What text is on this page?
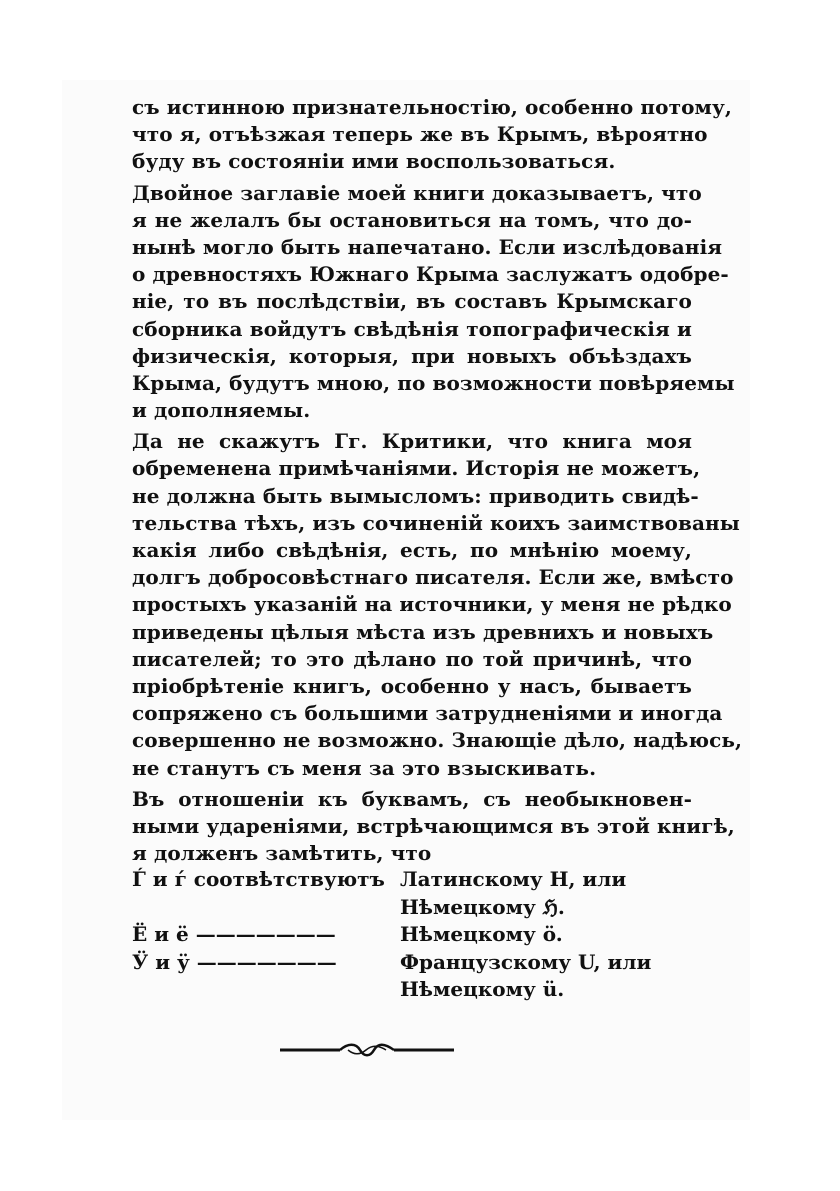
съ истинною признательностiю, особенно потому,
что я, отъѣзжая теперь же въ Крымъ, вѣроятно
буду въ состоянiи ими воспользоваться.
Двойное заглавiе моей книги доказываетъ, что
я не желалъ бы остановиться на томъ, что до-
нынѣ могло быть напечатано. Если изслѣдованiя
о древностяхъ Южнаго Крыма заслужатъ одобре-
нiе, то въ послѣдствiи, въ составъ Крымскаго
сборника войдутъ свѣдѣнiя топографическiя и
физическiя, которыя, при новыхъ объѣздахъ
Крыма, будутъ мною, по возможности повѣряемы
и дополняемы.
Да не скажутъ Гг. Критики, что книга моя
обременена примѣчанiями. Исторiя не можетъ,
не должна быть вымысломъ: приводить свидѣ-
тельства тѣхъ, изъ сочиненiй коихъ заимствованы
какiя либо свѣдѣнiя, есть, по мнѣнiю моему,
долгъ добросовѣстнаго писателя. Если же, вмѣсто
простыхъ указанiй на источники, у меня не рѣдко
приведены цѣлыя мѣста изъ древнихъ и новыхъ
писателей; то это дѣлано по той причинѣ, что
прiобрѣтенiе книгъ, особенно у насъ, бываетъ
сопряжено съ большими затрудненiями и иногда
совершенно не возможно. Знающiе дѣло, надѣюсь,
не станутъ съ меня за это взыскивать.
Въ отношенiи къ буквамъ, съ необыкновен-
ными удареніями, встрѣчающимся въ этой книгѣ,
я долженъ замѣтить, что
Ѓ и ѓ соотвѣтствуютъ Латинскому H, или
Нѣмецкому ℌ.
Ё и ё ———————	Нѣмецкому ö.
Ӱ и ӱ ———————	Французскому U, или
Нѣмецкому ü.
